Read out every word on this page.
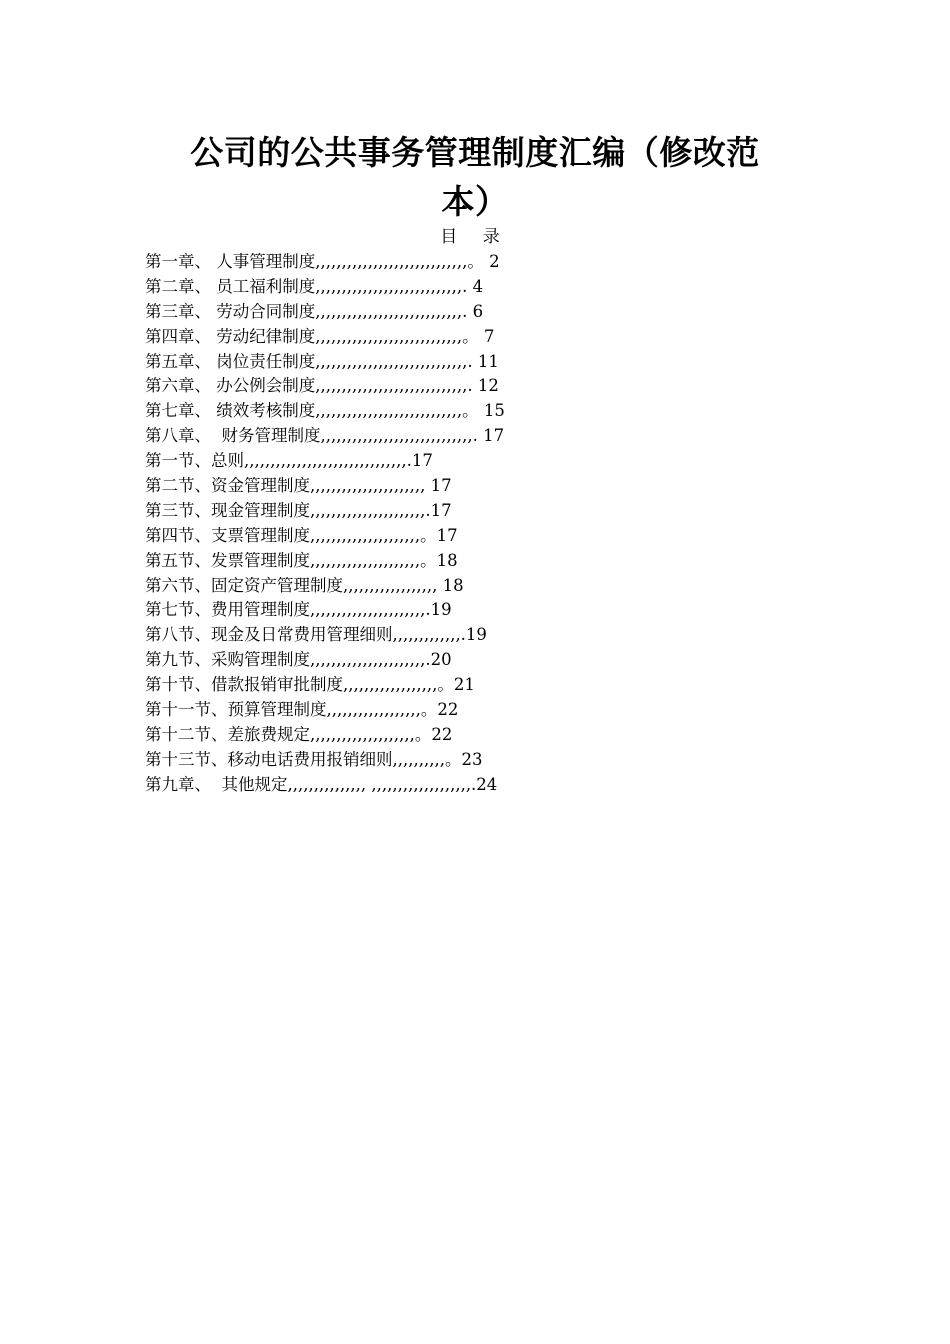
公司的公共事务管理制度汇编（修改范本）
目 录
第一章、 人事管理制度,,,,,,,,,,,,,,,,,,,,,,,,,,,,,。 2
第二章、 员工福利制度,,,,,,,,,,,,,,,,,,,,,,,,,,,,. 4
第三章、 劳动合同制度,,,,,,,,,,,,,,,,,,,,,,,,,,,,. 6
第四章、 劳动纪律制度,,,,,,,,,,,,,,,,,,,,,,,,,,,,。 7
第五章、 岗位责任制度,,,,,,,,,,,,,,,,,,,,,,,,,,,,,. 11
第六章、 办公例会制度,,,,,,,,,,,,,,,,,,,,,,,,,,,,,. 12
第七章、 绩效考核制度,,,,,,,,,,,,,,,,,,,,,,,,,,,,。 15
第八章、  财务管理制度,,,,,,,,,,,,,,,,,,,,,,,,,,,,,. 17
第一节、总则,,,,,,,,,,,,,,,,,,,,,,,,,,,,,,,.17
第二节、资金管理制度,,,,,,,,,,,,,,,,,,,,,, 17
第三节、现金管理制度,,,,,,,,,,,,,,,,,,,,,,.17
第四节、支票管理制度,,,,,,,,,,,,,,,,,,,,,。17
第五节、发票管理制度,,,,,,,,,,,,,,,,,,,,,。18
第六节、固定资产管理制度,,,,,,,,,,,,,,,,,, 18
第七节、费用管理制度,,,,,,,,,,,,,,,,,,,,,,.19
第八节、现金及日常费用管理细则,,,,,,,,,,,,,.19
第九节、采购管理制度,,,,,,,,,,,,,,,,,,,,,,.20
第十节、借款报销审批制度,,,,,,,,,,,,,,,,,,。21
第十一节、预算管理制度,,,,,,,,,,,,,,,,,,。22
第十二节、差旅费规定,,,,,,,,,,,,,,,,,,,,。22
第十三节、移动电话费用报销细则,,,,,,,,,,。23
第九章、  其他规定,,,,,,,,,,,,,,, ,,,,,,,,,,,,,,,,,,,.24
